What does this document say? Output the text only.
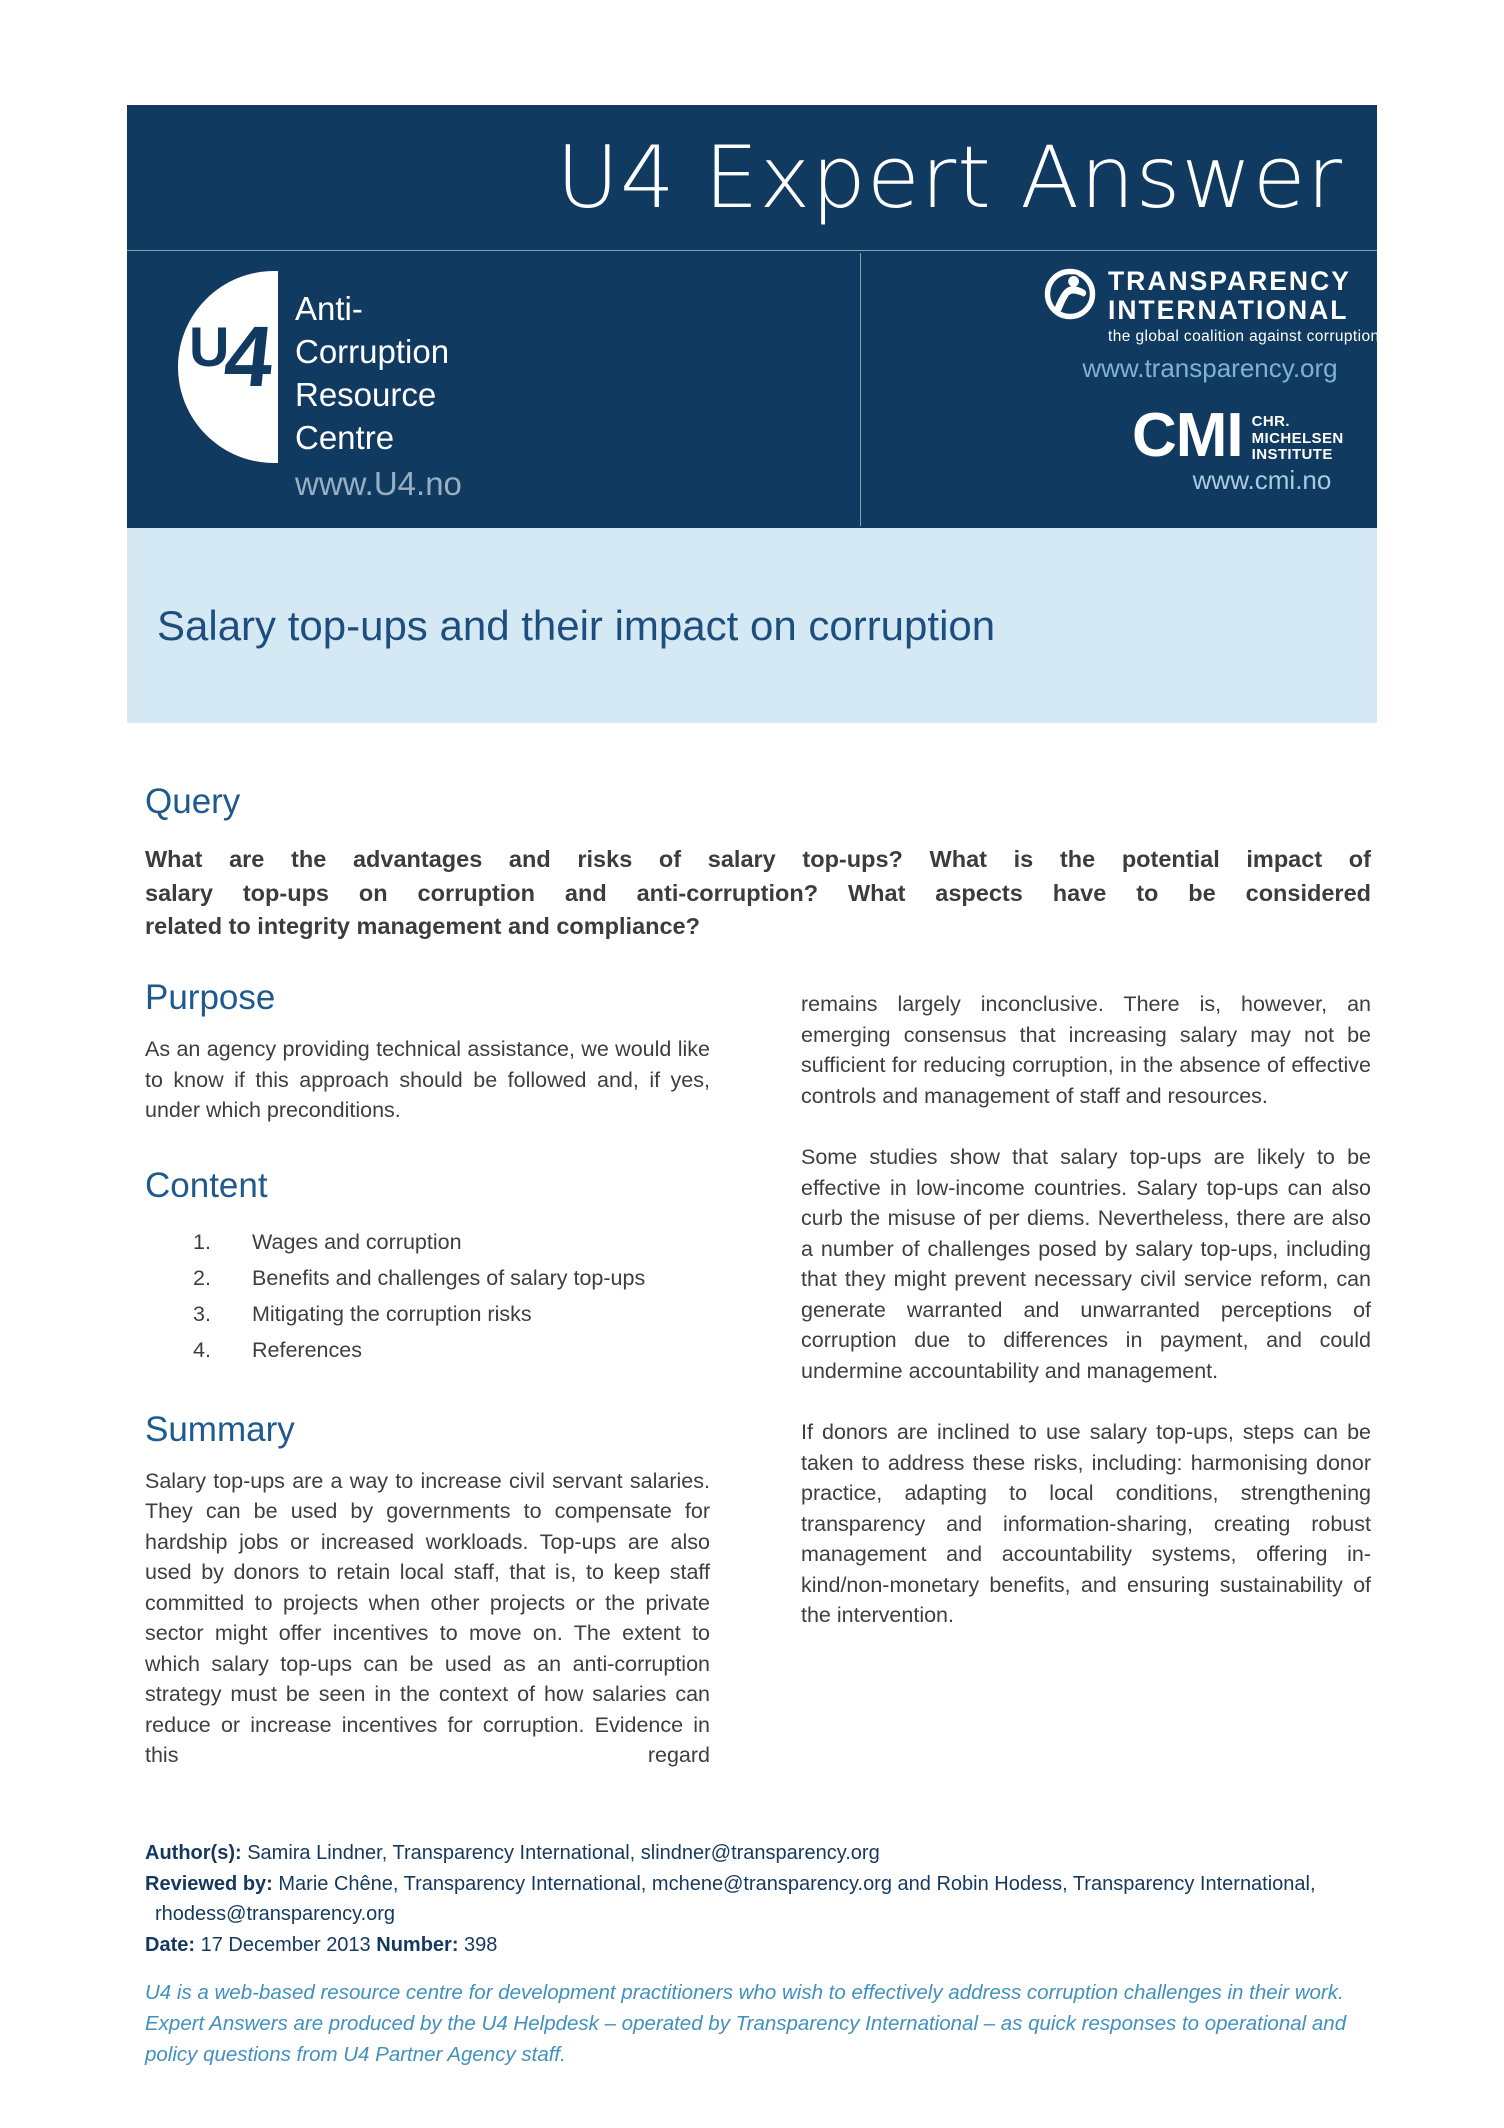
U4 Expert Answer
U
4
Anti-
Corruption
Resource
Centre
www.U4.no
TRANSPARENCY
INTERNATIONAL
the global coalition against corruption
www.transparency.org
CMI CHR.
MICHELSEN
INSTITUTE
www.cmi.no
Salary top-ups and their impact on corruption
Query
What are the advantages and risks of salary top-ups? What is the potential impact of
salary top-ups on corruption and anti-corruption? What aspects have to be considered
related to integrity management and compliance?
Purpose

As an agency providing technical assistance, we would like to know if this approach should be followed and, if yes, under which preconditions.

Content
1.	Wages and corruption
2.	Benefits and challenges of salary top-ups
3.	Mitigating the corruption risks
4.	References
Summary

Salary top-ups are a way to increase civil servant salaries. They can be used by governments to compensate for hardship jobs or increased workloads. Top-ups are also used by donors to retain local staff, that is, to keep staff committed to projects when other projects or the private sector might offer incentives to move on. The extent to which salary top-ups can be used as an anti-corruption strategy must be seen in the context of how salaries can reduce or increase incentives for corruption. Evidence in this regard

remains largely inconclusive. There is, however, an emerging consensus that increasing salary may not be sufficient for reducing corruption, in the absence of effective controls and management of staff and resources.

Some studies show that salary top-ups are likely to be effective in low-income countries. Salary top-ups can also curb the misuse of per diems. Nevertheless, there are also a number of challenges posed by salary top-ups, including that they might prevent necessary civil service reform, can generate warranted and unwarranted perceptions of corruption due to differences in payment, and could undermine accountability and management.

If donors are inclined to use salary top-ups, steps can be taken to address these risks, including: harmonising donor practice, adapting to local conditions, strengthening transparency and information-sharing, creating robust management and accountability systems, offering in-kind/non-monetary benefits, and ensuring sustainability of the intervention.

Author(s): Samira Lindner, Transparency International, slindner@transparency.org
Reviewed by: Marie Chêne, Transparency International, mchene@transparency.org and Robin Hodess, Transparency International,
rhodess@transparency.org
Date: 17 December 2013 Number: 398
U4 is a web-based resource centre for development practitioners who wish to effectively address corruption challenges in their work. Expert Answers are produced by the U4 Helpdesk – operated by Transparency International – as quick responses to operational and policy questions from U4 Partner Agency staff.
